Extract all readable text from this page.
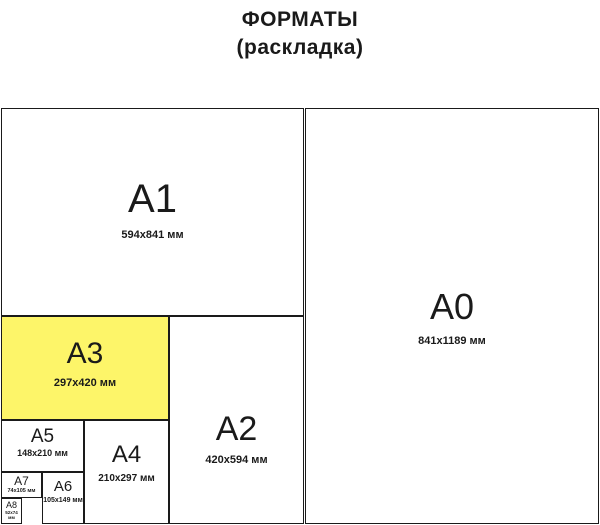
ФОРМАТЫ
(раскладка)
A0
841x1189 мм
A1
594x841 мм
A2
420x594 мм
A3
297x420 мм
A4
210x297 мм
A5
148x210 мм
A6
105x149 мм
A7
74x105 мм
A8
52x74 мм
